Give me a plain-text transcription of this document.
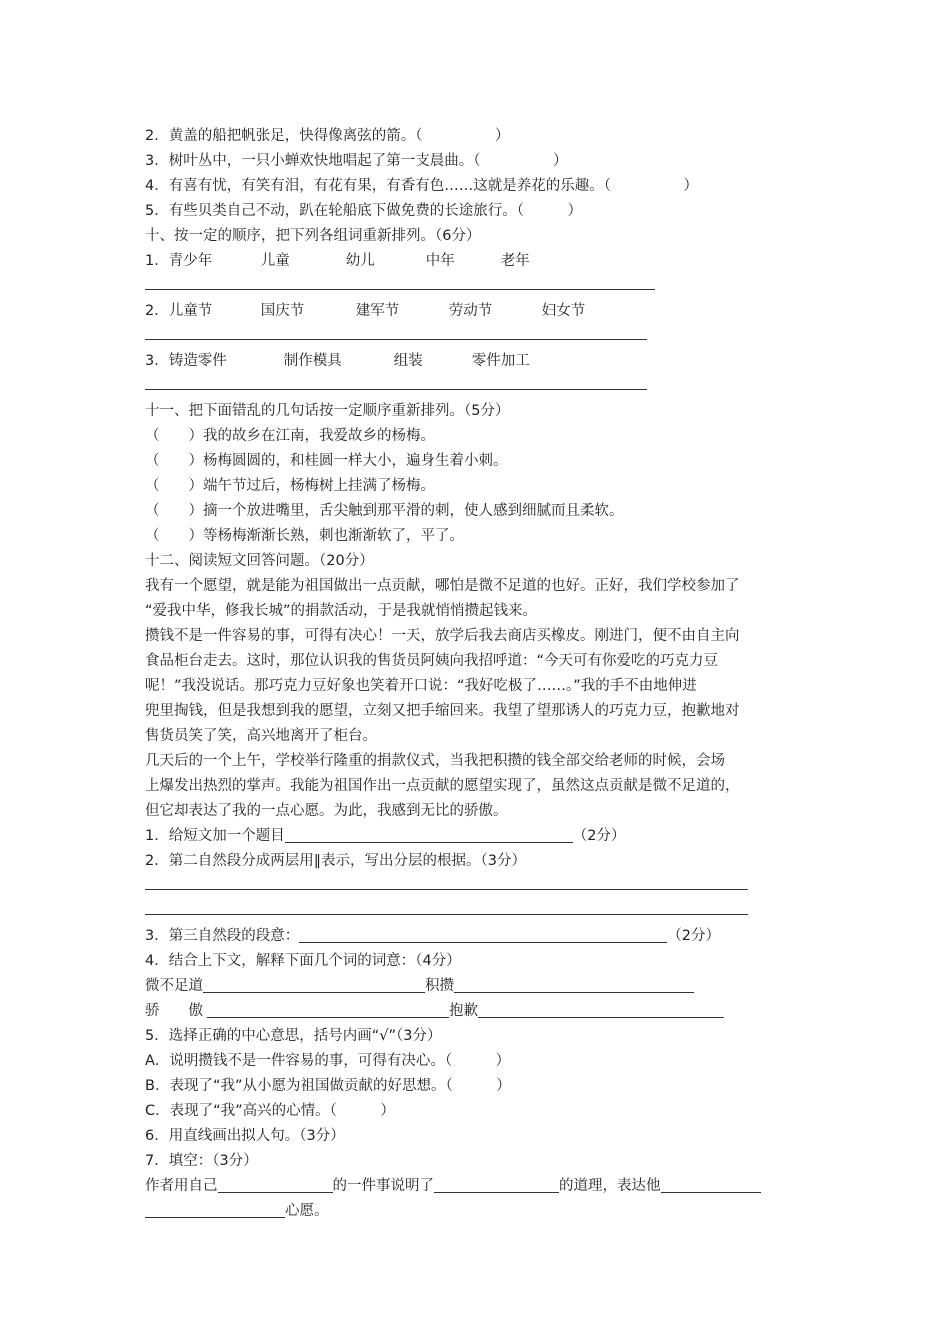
2．黄盖的船把帆张足，快得像离弦的箭。（　　　　　）
3．树叶丛中，一只小蝉欢快地唱起了第一支晨曲。（　　　　　）
4．有喜有忧，有笑有泪，有花有果，有香有色……这就是养花的乐趣。（　　　　　）
5．有些贝类自己不动，趴在轮船底下做免费的长途旅行。（　　　）
十、按一定的顺序，把下列各组词重新排列。（6分）
1．青少年	儿童	幼儿	中年	老年
2．儿童节	国庆节	建军节	劳动节	妇女节
3．铸造零件	制作模具	组装	零件加工
十一、把下面错乱的几句话按一定顺序重新排列。（5分）
（　　）我的故乡在江南，我爱故乡的杨梅。
（　　）杨梅圆圆的，和桂圆一样大小，遍身生着小刺。
（　　）端午节过后，杨梅树上挂满了杨梅。
（　　）摘一个放进嘴里，舌尖触到那平滑的刺，使人感到细腻而且柔软。
（　　）等杨梅渐渐长熟，刺也渐渐软了，平了。
十二、阅读短文回答问题。（20分）
我有一个愿望，就是能为祖国做出一点贡献，哪怕是微不足道的也好。正好，我们学校参加了
“爱我中华，修我长城”的捐款活动，于是我就悄悄攒起钱来。
攒钱不是一件容易的事，可得有决心！一天，放学后我去商店买橡皮。刚进门，便不由自主向
食品柜台走去。这时，那位认识我的售货员阿姨向我招呼道：“今天可有你爱吃的巧克力豆
呢！”我没说话。那巧克力豆好象也笑着开口说：“我好吃极了……。”我的手不由地伸进
兜里掏钱，但是我想到我的愿望，立刻又把手缩回来。我望了望那诱人的巧克力豆，抱歉地对
售货员笑了笑，高兴地离开了柜台。
几天后的一个上午，学校举行隆重的捐款仪式，当我把积攒的钱全部交给老师的时候，会场
上爆发出热烈的掌声。我能为祖国作出一点贡献的愿望实现了，虽然这点贡献是微不足道的，
但它却表达了我的一点心愿。为此，我感到无比的骄傲。
1．给短文加一个题目	（2分）
2．第二自然段分成两层用‖表示，写出分层的根据。（3分）
3．第三自然段的段意：	（2分）
4．结合上下文，解释下面几个词的词意：（4分）
微不足道	积攒
骄　　傲	抱歉
5．选择正确的中心意思，括号内画“√”（3分）
A．说明攒钱不是一件容易的事，可得有决心。（　　　）
B．表现了“我”从小愿为祖国做贡献的好思想。（　　　）
C．表现了“我”高兴的心情。（　　　）
6．用直线画出拟人句。（3分）
7．填空：（3分）
作者用自己	的一件事说明了	的道理，表达他
心愿。
